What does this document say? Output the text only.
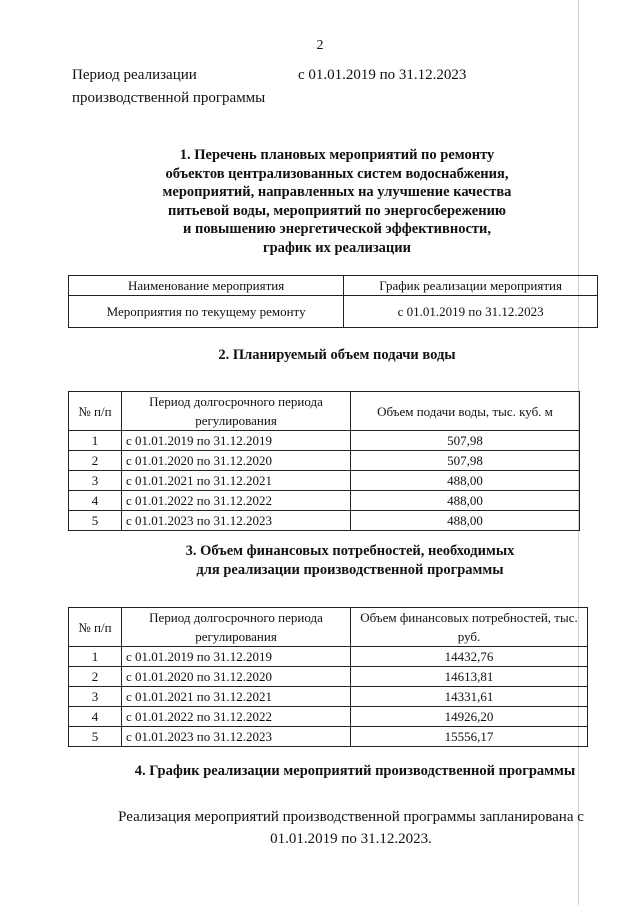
2
Период реализации производственной программы
с 01.01.2019 по 31.12.2023
1. Перечень плановых мероприятий по ремонту
объектов централизованных систем водоснабжения,
мероприятий, направленных на улучшение качества
питьевой воды, мероприятий по энергосбережению
и повышению энергетической эффективности,
график их реализации
Наименование мероприятия	График реализации мероприятия
Мероприятия по текущему ремонту	с 01.01.2019 по 31.12.2023
2. Планируемый объем подачи воды
№ п/п	Период долгосрочного периода регулирования	Объем подачи воды, тыс. куб. м
1	с 01.01.2019 по 31.12.2019	507,98
2	с 01.01.2020 по 31.12.2020	507,98
3	с 01.01.2021 по 31.12.2021	488,00
4	с 01.01.2022 по 31.12.2022	488,00
5	с 01.01.2023 по 31.12.2023	488,00
3. Объем финансовых потребностей, необходимых
для реализации производственной программы
№ п/п	Период долгосрочного периода регулирования	Объем финансовых потребностей, тыс. руб.
1	с 01.01.2019 по 31.12.2019	14432,76
2	с 01.01.2020 по 31.12.2020	14613,81
3	с 01.01.2021 по 31.12.2021	14331,61
4	с 01.01.2022 по 31.12.2022	14926,20
5	с 01.01.2023 по 31.12.2023	15556,17
4. График реализации мероприятий производственной программы
Реализация мероприятий производственной программы запланирована с 01.01.2019 по 31.12.2023.
